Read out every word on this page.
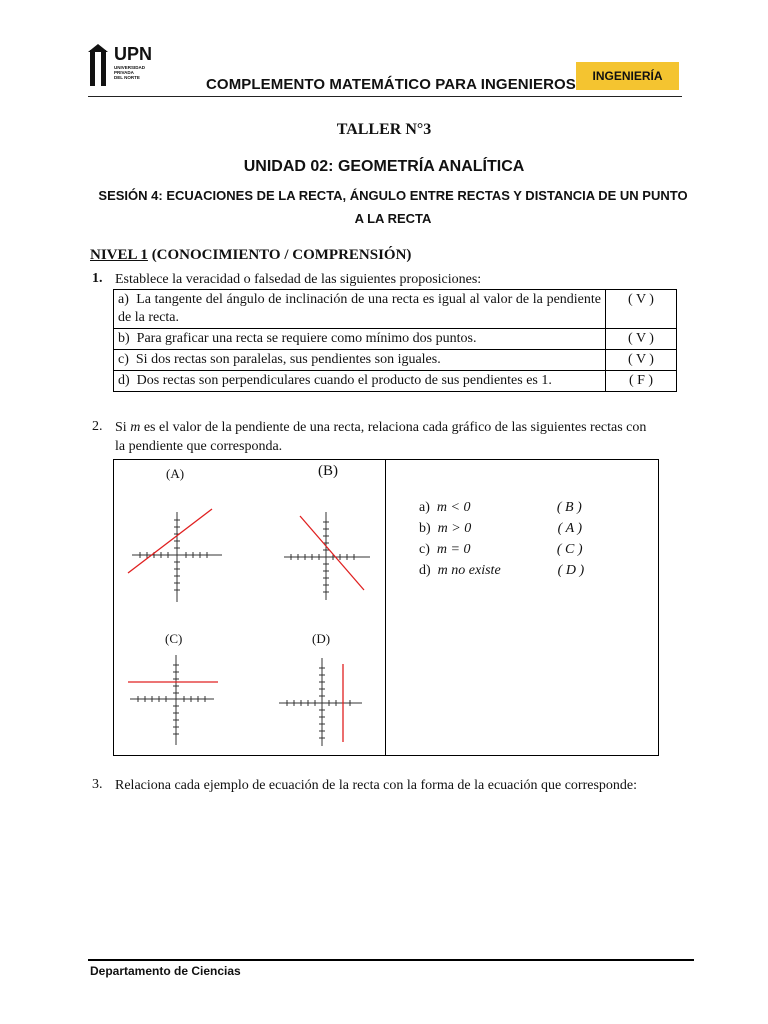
UPN
UNIVERSIDAD
PRIVADA
DEL NORTE	COMPLEMENTO MATEMÁTICO PARA INGENIEROS	INGENIERÍA
TALLER N°3
UNIDAD 02: GEOMETRÍA ANALÍTICA
SESIÓN 4: ECUACIONES DE LA RECTA, ÁNGULO ENTRE RECTAS Y DISTANCIA DE UN PUNTO
A LA RECTA
NIVEL 1 (CONOCIMIENTO / COMPRENSIÓN)
1. Establece la veracidad o falsedad de las siguientes proposiciones:
a) La tangente del ángulo de inclinación de una recta es igual al valor de la pendiente de la recta.	( V )
b) Para graficar una recta se requiere como mínimo dos puntos.	( V )
c) Si dos rectas son paralelas, sus pendientes son iguales.	( V )
d) Dos rectas son perpendiculares cuando el producto de sus pendientes es 1.	( F )
2. Si m es el valor de la pendiente de una recta, relaciona cada gráfico de las siguientes rectas con
la pendiente que corresponda.
(A)	(B)
(C)	(D)
a) m < 0	( B )
b) m > 0	( A )
c) m = 0	( C )
d) m no existe	( D )
3. Relaciona cada ejemplo de ecuación de la recta con la forma de la ecuación que corresponde:
Departamento de Ciencias
